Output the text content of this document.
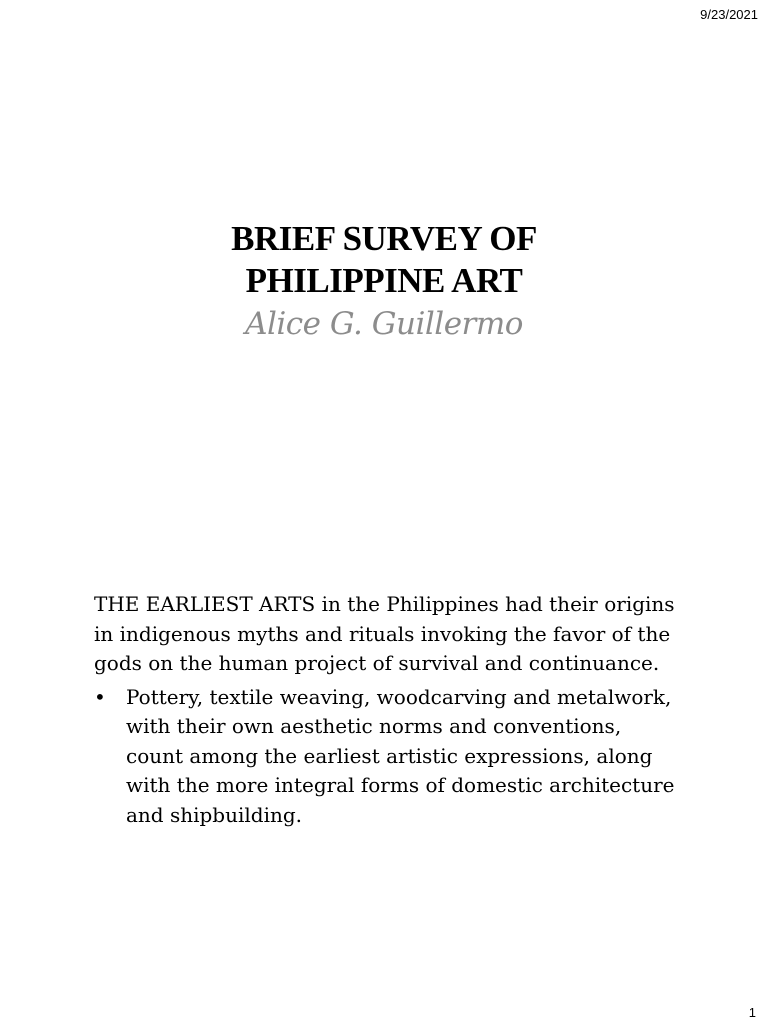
9/23/2021
BRIEF SURVEY OF
PHILIPPINE ART
Alice G. Guillermo

THE EARLIEST ARTS in the Philippines had their origins in indigenous myths and rituals invoking the favor of the gods on the human project of survival and continuance.

• Pottery, textile weaving, woodcarving and metalwork, with their own aesthetic norms and conventions, count among the earliest artistic expressions, along with the more integral forms of domestic architecture and shipbuilding.
1
